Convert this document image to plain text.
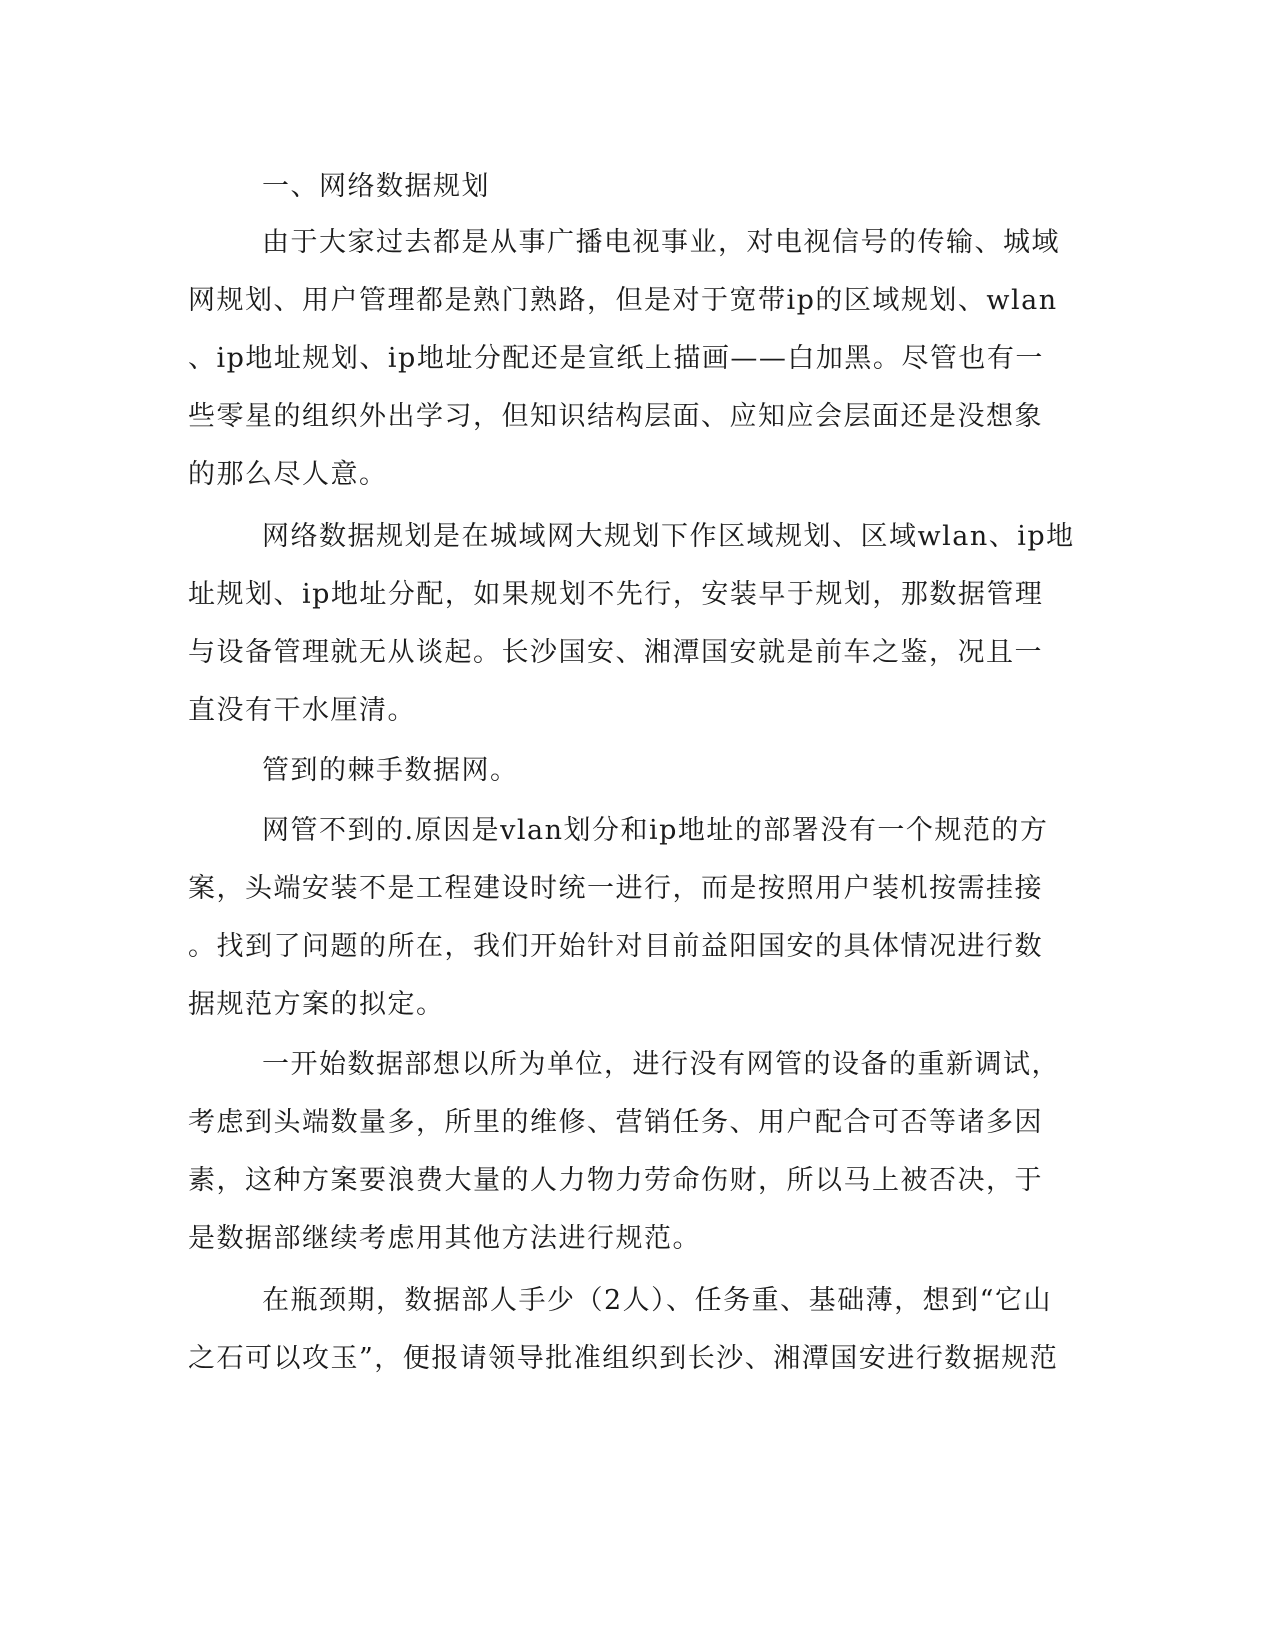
一、网络数据规划

由于大家过去都是从事广播电视事业，对电视信号的传输、城域

网规划、用户管理都是熟门熟路，但是对于宽带ip的区域规划、wlan

、ip地址规划、ip地址分配还是宣纸上描画——白加黑。尽管也有一

些零星的组织外出学习，但知识结构层面、应知应会层面还是没想象

的那么尽人意。

网络数据规划是在城域网大规划下作区域规划、区域wlan、ip地

址规划、ip地址分配，如果规划不先行，安装早于规划，那数据管理

与设备管理就无从谈起。长沙国安、湘潭国安就是前车之鉴，况且一

直没有干水厘清。

管到的棘手数据网。

网管不到的.原因是vlan划分和ip地址的部署没有一个规范的方

案，头端安装不是工程建设时统一进行，而是按照用户装机按需挂接

。找到了问题的所在，我们开始针对目前益阳国安的具体情况进行数

据规范方案的拟定。

一开始数据部想以所为单位，进行没有网管的设备的重新调试，

考虑到头端数量多，所里的维修、营销任务、用户配合可否等诸多因

素，这种方案要浪费大量的人力物力劳命伤财，所以马上被否决，于

是数据部继续考虑用其他方法进行规范。

在瓶颈期，数据部人手少（2人）、任务重、基础薄，想到“它山

之石可以攻玉”，便报请领导批准组织到长沙、湘潭国安进行数据规范
